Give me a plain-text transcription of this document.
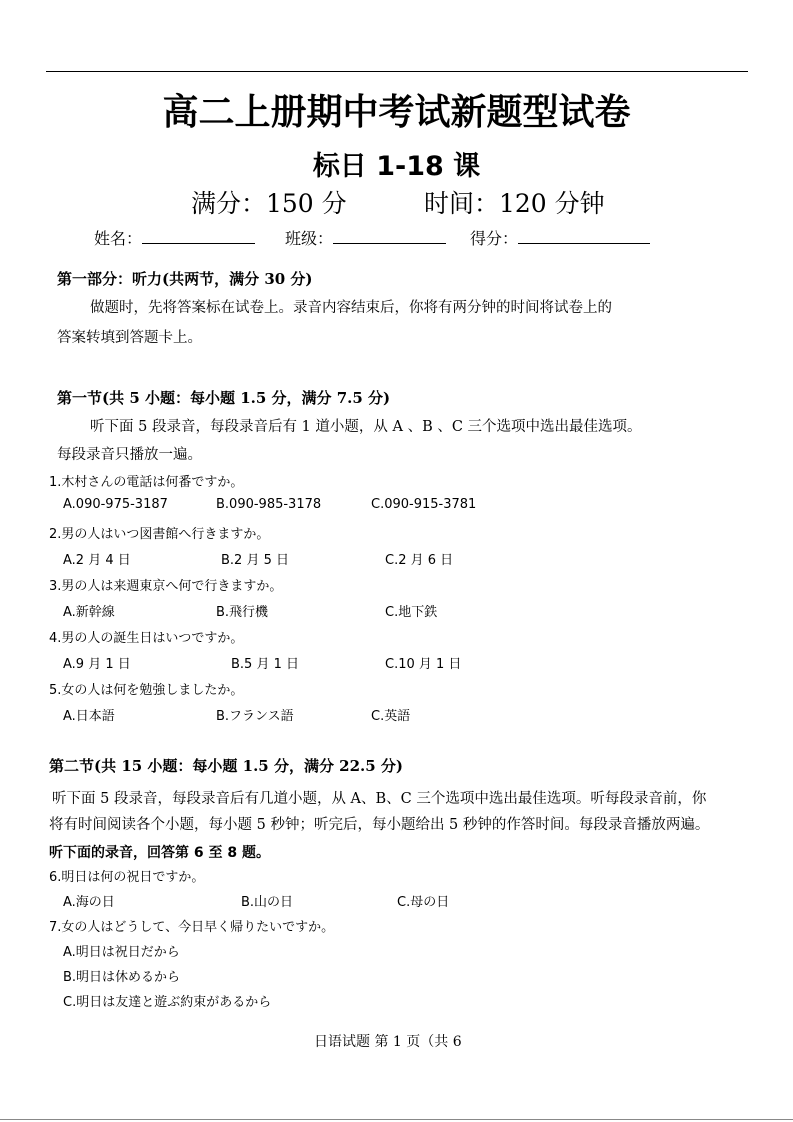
高二上册期中考试新题型试卷
标日 1-18 课
满分：150 分	时间：120 分钟
姓名：	班级：	得分：
第一部分：听力(共两节，满分 30 分)
做题时，先将答案标在试卷上。录音内容结束后，你将有两分钟的时间将试卷上的
答案转填到答题卡上。
第一节(共 5 小题：每小题 1.5 分，满分 7.5 分)
听下面 5 段录音，每段录音后有 1 道小题，从 A 、B 、C 三个选项中选出最佳选项。
每段录音只播放一遍。
1.木村さんの電話は何番ですか。
A.090-975-3187	B.090-985-3178	C.090-915-3781
2.男の人はいつ図書館へ行きますか。
A.2 月 4 日	B.2 月 5 日	C.2 月 6 日
3.男の人は来週東京へ何で行きますか。
A.新幹線	B.飛行機	C.地下鉄
4.男の人の誕生日はいつですか。
A.9 月 1 日	B.5 月 1 日	C.10 月 1 日
5.女の人は何を勉強しましたか。
A.日本語	B.フランス語	C.英語
第二节(共 15 小题：每小题 1.5 分，满分 22.5 分)
听下面 5 段录音，每段录音后有几道小题，从 A、B、C 三个选项中选出最佳选项。听每段录音前，你
将有时间阅读各个小题，每小题 5 秒钟；听完后，每小题给出 5 秒钟的作答时间。每段录音播放两遍。
听下面的录音，回答第 6 至 8 题。
6.明日は何の祝日ですか。
A.海の日	B.山の日	C.母の日
7.女の人はどうして、今日早く帰りたいですか。
A.明日は祝日だから
B.明日は休めるから
C.明日は友達と遊ぶ約束があるから
日语试题 第 1 页（共 6
